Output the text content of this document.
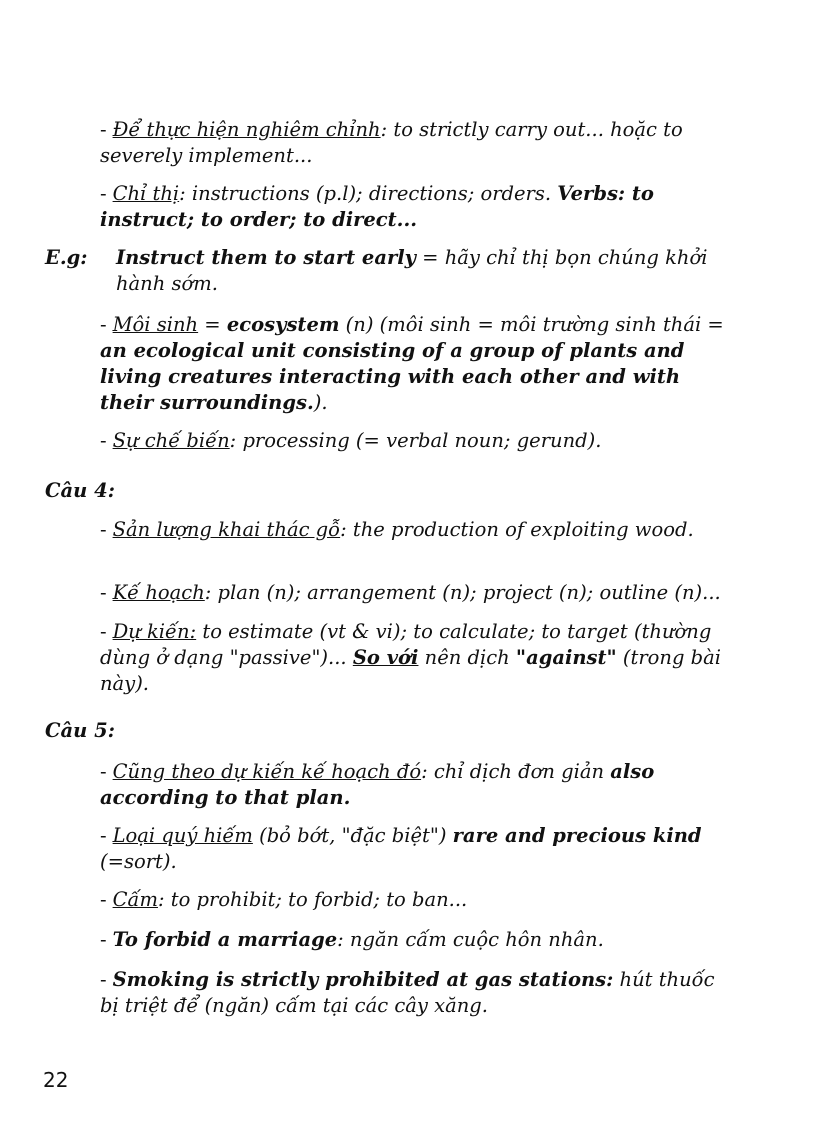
- Để thực hiện nghiêm chỉnh: to strictly carry out... hoặc to severely implement...
- Chỉ thị: instructions (p.l); directions; orders. Verbs: to instruct; to order; to direct...
E.g:	Instruct them to start early = hãy chỉ thị bọn chúng khởi hành sớm.
- Môi sinh = ecosystem (n) (môi sinh = môi trường sinh thái = an ecological unit consisting of a group of plants and living creatures interacting with each other and with their surroundings.).
- Sự chế biến: processing (= verbal noun; gerund).
Câu 4:
- Sản lượng khai thác gỗ: the production of exploiting wood.
- Kế hoạch: plan (n); arrangement (n); project (n); outline (n)...
- Dự kiến: to estimate (vt & vi); to calculate; to target (thường dùng ở dạng "passive")... So với nên dịch "against" (trong bài này).
Câu 5:
- Cũng theo dự kiến kế hoạch đó: chỉ dịch đơn giản also according to that plan.
- Loại quý hiếm (bỏ bớt, "đặc biệt") rare and precious kind (=sort).
- Cấm: to prohibit; to forbid; to ban...
- To forbid a marriage: ngăn cấm cuộc hôn nhân.
- Smoking is strictly prohibited at gas stations: hút thuốc bị triệt để (ngăn) cấm tại các cây xăng.
22
